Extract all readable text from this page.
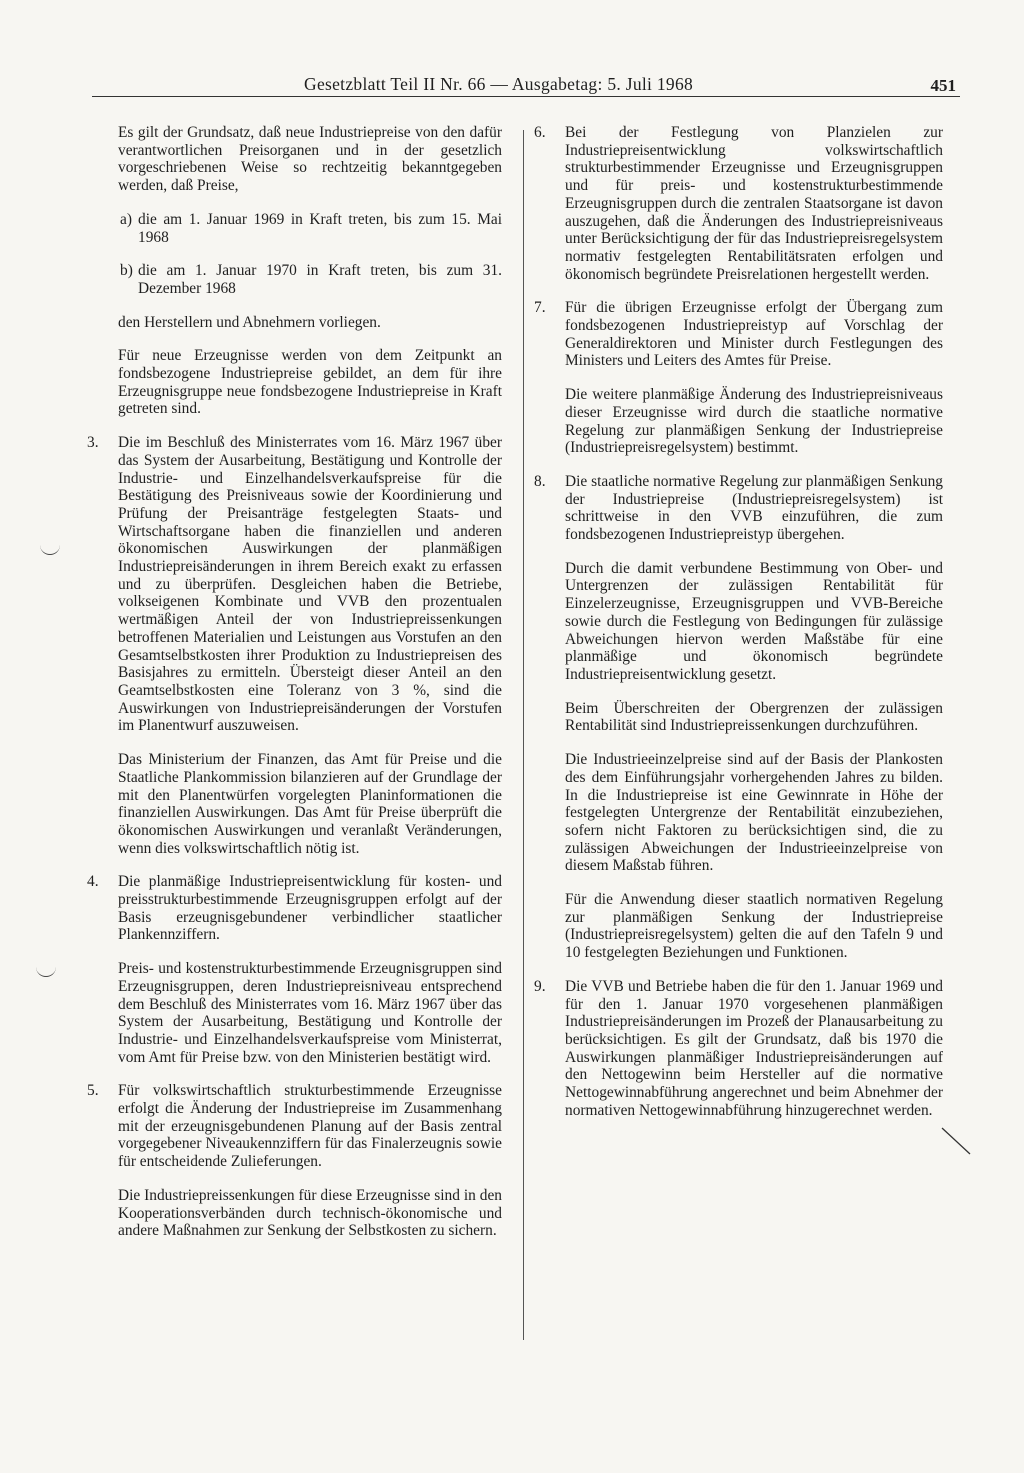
Gesetzblatt Teil II Nr. 66 — Ausgabetag: 5. Juli 1968	451

Es gilt der Grundsatz, daß neue Industriepreise von den dafür verantwortlichen Preisorganen und in der gesetzlich vorgeschriebenen Weise so rechtzeitig bekanntgegeben werden, daß Preise,

a) die am 1. Januar 1969 in Kraft treten, bis zum 15. Mai 1968
b) die am 1. Januar 1970 in Kraft treten, bis zum 31. Dezember 1968

den Herstellern und Abnehmern vorliegen.

Für neue Erzeugnisse werden von dem Zeitpunkt an fondsbezogene Industriepreise gebildet, an dem für ihre Erzeugnisgruppe neue fondsbezogene Industriepreise in Kraft getreten sind.

3. Die im Beschluß des Ministerrates vom 16. März 1967 über das System der Ausarbeitung, Bestätigung und Kontrolle der Industrie- und Einzelhandelsverkaufspreise für die Bestätigung des Preisniveaus sowie der Koordinierung und Prüfung der Preisanträge festgelegten Staats- und Wirtschaftsorgane haben die finanziellen und anderen ökonomischen Auswirkungen der planmäßigen Industriepreisänderungen in ihrem Bereich exakt zu erfassen und zu überprüfen. Desgleichen haben die Betriebe, volkseigenen Kombinate und VVB den prozentualen wertmäßigen Anteil der von Industriepreissenkungen betroffenen Materialien und Leistungen aus Vorstufen an den Gesamtselbstkosten ihrer Produktion zu Industriepreisen des Basisjahres zu ermitteln. Übersteigt dieser Anteil an den Geamtselbstkosten eine Toleranz von 3 %, sind die Auswirkungen von Industriepreisänderungen der Vorstufen im Planentwurf auszuweisen.

Das Ministerium der Finanzen, das Amt für Preise und die Staatliche Plankommission bilanzieren auf der Grundlage der mit den Planentwürfen vorgelegten Planinformationen die finanziellen Auswirkungen. Das Amt für Preise überprüft die ökonomischen Auswirkungen und veranlaßt Veränderungen, wenn dies volkswirtschaftlich nötig ist.

4. Die planmäßige Industriepreisentwicklung für kosten- und preisstrukturbestimmende Erzeugnisgruppen erfolgt auf der Basis erzeugnisgebundener verbindlicher staatlicher Plankennziffern.

Preis- und kostenstrukturbestimmende Erzeugnisgruppen sind Erzeugnisgruppen, deren Industriepreisniveau entsprechend dem Beschluß des Ministerrates vom 16. März 1967 über das System der Ausarbeitung, Bestätigung und Kontrolle der Industrie- und Einzelhandelsverkaufspreise vom Ministerrat, vom Amt für Preise bzw. von den Ministerien bestätigt wird.

5. Für volkswirtschaftlich strukturbestimmende Erzeugnisse erfolgt die Änderung der Industriepreise im Zusammenhang mit der erzeugnisgebundenen Planung auf der Basis zentral vorgegebener Niveaukennziffern für das Finalerzeugnis sowie für entscheidende Zulieferungen.

Die Industriepreissenkungen für diese Erzeugnisse sind in den Kooperationsverbänden durch technisch-ökonomische und andere Maßnahmen zur Senkung der Selbstkosten zu sichern.

6. Bei der Festlegung von Planzielen zur Industriepreisentwicklung volkswirtschaftlich strukturbestimmender Erzeugnisse und Erzeugnisgruppen und für preis- und kostenstrukturbestimmende Erzeugnisgruppen durch die zentralen Staatsorgane ist davon auszugehen, daß die Änderungen des Industriepreisniveaus unter Berücksichtigung der für das Industriepreisregelsystem normativ festgelegten Rentabilitätsraten erfolgen und ökonomisch begründete Preisrelationen hergestellt werden.

7. Für die übrigen Erzeugnisse erfolgt der Übergang zum fondsbezogenen Industriepreistyp auf Vorschlag der Generaldirektoren und Minister durch Festlegungen des Ministers und Leiters des Amtes für Preise.

Die weitere planmäßige Änderung des Industriepreisniveaus dieser Erzeugnisse wird durch die staatliche normative Regelung zur planmäßigen Senkung der Industriepreise (Industriepreisregelsystem) bestimmt.

8. Die staatliche normative Regelung zur planmäßigen Senkung der Industriepreise (Industriepreisregelsystem) ist schrittweise in den VVB einzuführen, die zum fondsbezogenen Industriepreistyp übergehen.

Durch die damit verbundene Bestimmung von Ober- und Untergrenzen der zulässigen Rentabilität für Einzelerzeugnisse, Erzeugnisgruppen und VVB-Bereiche sowie durch die Festlegung von Bedingungen für zulässige Abweichungen hiervon werden Maßstäbe für eine planmäßige und ökonomisch begründete Industriepreisentwicklung gesetzt.

Beim Überschreiten der Obergrenzen der zulässigen Rentabilität sind Industriepreissenkungen durchzuführen.

Die Industrieeinzelpreise sind auf der Basis der Plankosten des dem Einführungsjahr vorhergehenden Jahres zu bilden. In die Industriepreise ist eine Gewinnrate in Höhe der festgelegten Untergrenze der Rentabilität einzubeziehen, sofern nicht Faktoren zu berücksichtigen sind, die zu zulässigen Abweichungen der Industrieeinzelpreise von diesem Maßstab führen.

Für die Anwendung dieser staatlich normativen Regelung zur planmäßigen Senkung der Industriepreise (Industriepreisregelsystem) gelten die auf den Tafeln 9 und 10 festgelegten Beziehungen und Funktionen.

9. Die VVB und Betriebe haben die für den 1. Januar 1969 und für den 1. Januar 1970 vorgesehenen planmäßigen Industriepreisänderungen im Prozeß der Planausarbeitung zu berücksichtigen. Es gilt der Grundsatz, daß bis 1970 die Auswirkungen planmäßiger Industriepreisänderungen auf den Nettogewinn beim Hersteller auf die normative Nettogewinnabführung angerechnet und beim Abnehmer der normativen Nettogewinnabführung hinzugerechnet werden.
